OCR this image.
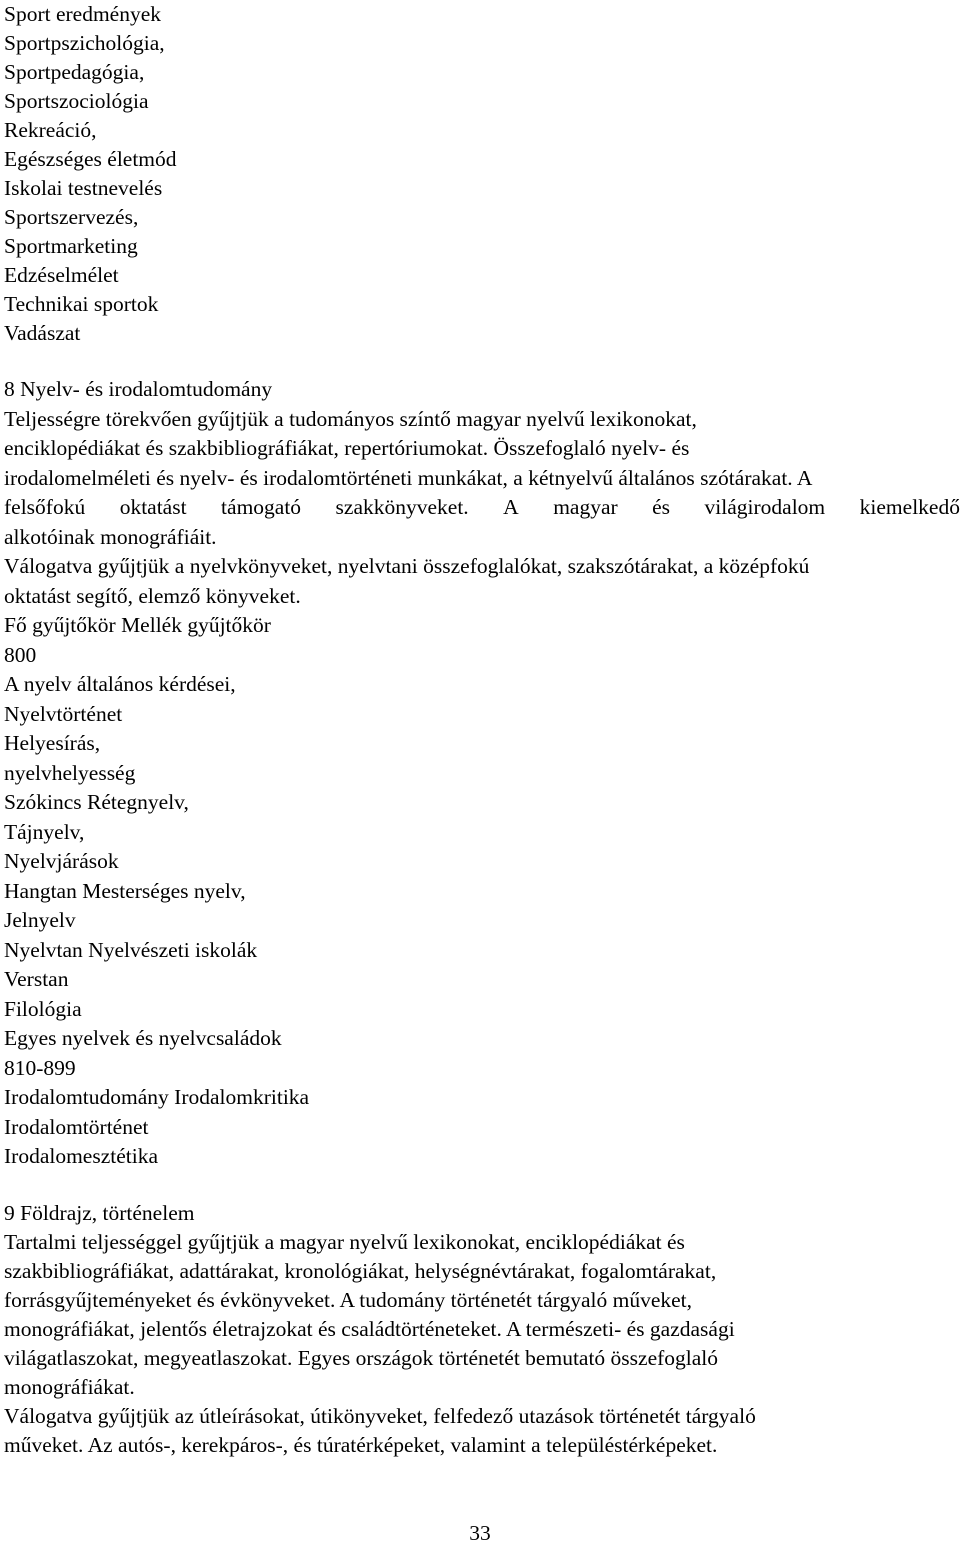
Sport eredmények
Sportpszichológia,
Sportpedagógia,
Sportszociológia
Rekreáció,
Egészséges életmód
Iskolai testnevelés
Sportszervezés,
Sportmarketing
Edzéselmélet
Technikai sportok
Vadászat
8 Nyelv- és irodalomtudomány
Teljességre törekvően gyűjtjük a tudományos színtő magyar nyelvű lexikonokat,
enciklopédiákat és szakbibliográfiákat, repertóriumokat. Összefoglaló nyelv- és
irodalomelméleti és nyelv- és irodalomtörténeti munkákat, a kétnyelvű általános szótárakat. A
felsőfokú oktatást támogató szakkönyveket. A magyar és világirodalom kiemelkedő
alkotóinak monográfiáit.
Válogatva gyűjtjük a nyelvkönyveket, nyelvtani összefoglalókat, szakszótárakat, a középfokú
oktatást segítő, elemző könyveket.
Fő gyűjtőkör Mellék gyűjtőkör
800
A nyelv általános kérdései,
Nyelvtörténet
Helyesírás,
nyelvhelyesség
Szókincs Rétegnyelv,
Tájnyelv,
Nyelvjárások
Hangtan Mesterséges nyelv,
Jelnyelv
Nyelvtan Nyelvészeti iskolák
Verstan
Filológia
Egyes nyelvek és nyelvcsaládok
810-899
Irodalomtudomány Irodalomkritika
Irodalomtörténet
Irodalomesztétika
9 Földrajz, történelem
Tartalmi teljességgel gyűjtjük a magyar nyelvű lexikonokat, enciklopédiákat és
szakbibliográfiákat, adattárakat, kronológiákat, helységnévtárakat, fogalomtárakat,
forrásgyűjteményeket és évkönyveket. A tudomány történetét tárgyaló műveket,
monográfiákat, jelentős életrajzokat és családtörténeteket. A természeti- és gazdasági
világatlaszokat, megyeatlaszokat. Egyes országok történetét bemutató összefoglaló
monográfiákat.
Válogatva gyűjtjük az útleírásokat, útikönyveket, felfedező utazások történetét tárgyaló
műveket. Az autós-, kerekpáros-, és túratérképeket, valamint a településtérképeket.
33
